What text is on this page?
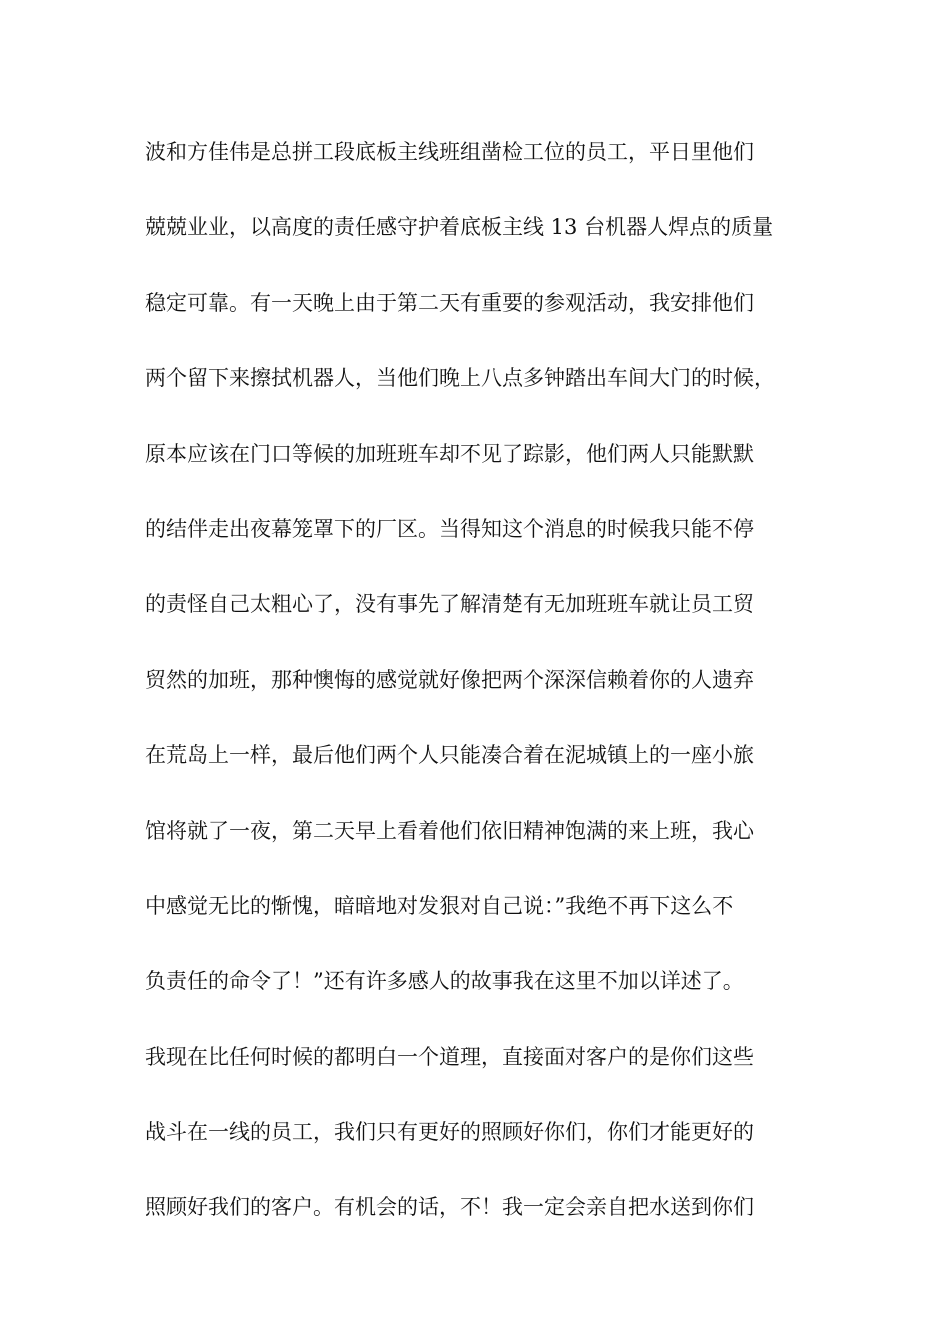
波和方佳伟是总拼工段底板主线班组凿检工位的员工，平日里他们

兢兢业业，以高度的责任感守护着底板主线 13 台机器人焊点的质量

稳定可靠。有一天晚上由于第二天有重要的参观活动，我安排他们

两个留下来擦拭机器人，当他们晚上八点多钟踏出车间大门的时候，

原本应该在门口等候的加班班车却不见了踪影，他们两人只能默默

的结伴走出夜幕笼罩下的厂区。当得知这个消息的时候我只能不停

的责怪自己太粗心了，没有事先了解清楚有无加班班车就让员工贸

贸然的加班，那种懊悔的感觉就好像把两个深深信赖着你的人遗弃

在荒岛上一样，最后他们两个人只能凑合着在泥城镇上的一座小旅

馆将就了一夜，第二天早上看着他们依旧精神饱满的来上班，我心

中感觉无比的惭愧，暗暗地对发狠对自己说：”我绝不再下这么不

负责任的命令了！”还有许多感人的故事我在这里不加以详述了。

我现在比任何时候的都明白一个道理，直接面对客户的是你们这些

战斗在一线的员工，我们只有更好的照顾好你们，你们才能更好的

照顾好我们的客户。有机会的话，不！我一定会亲自把水送到你们
